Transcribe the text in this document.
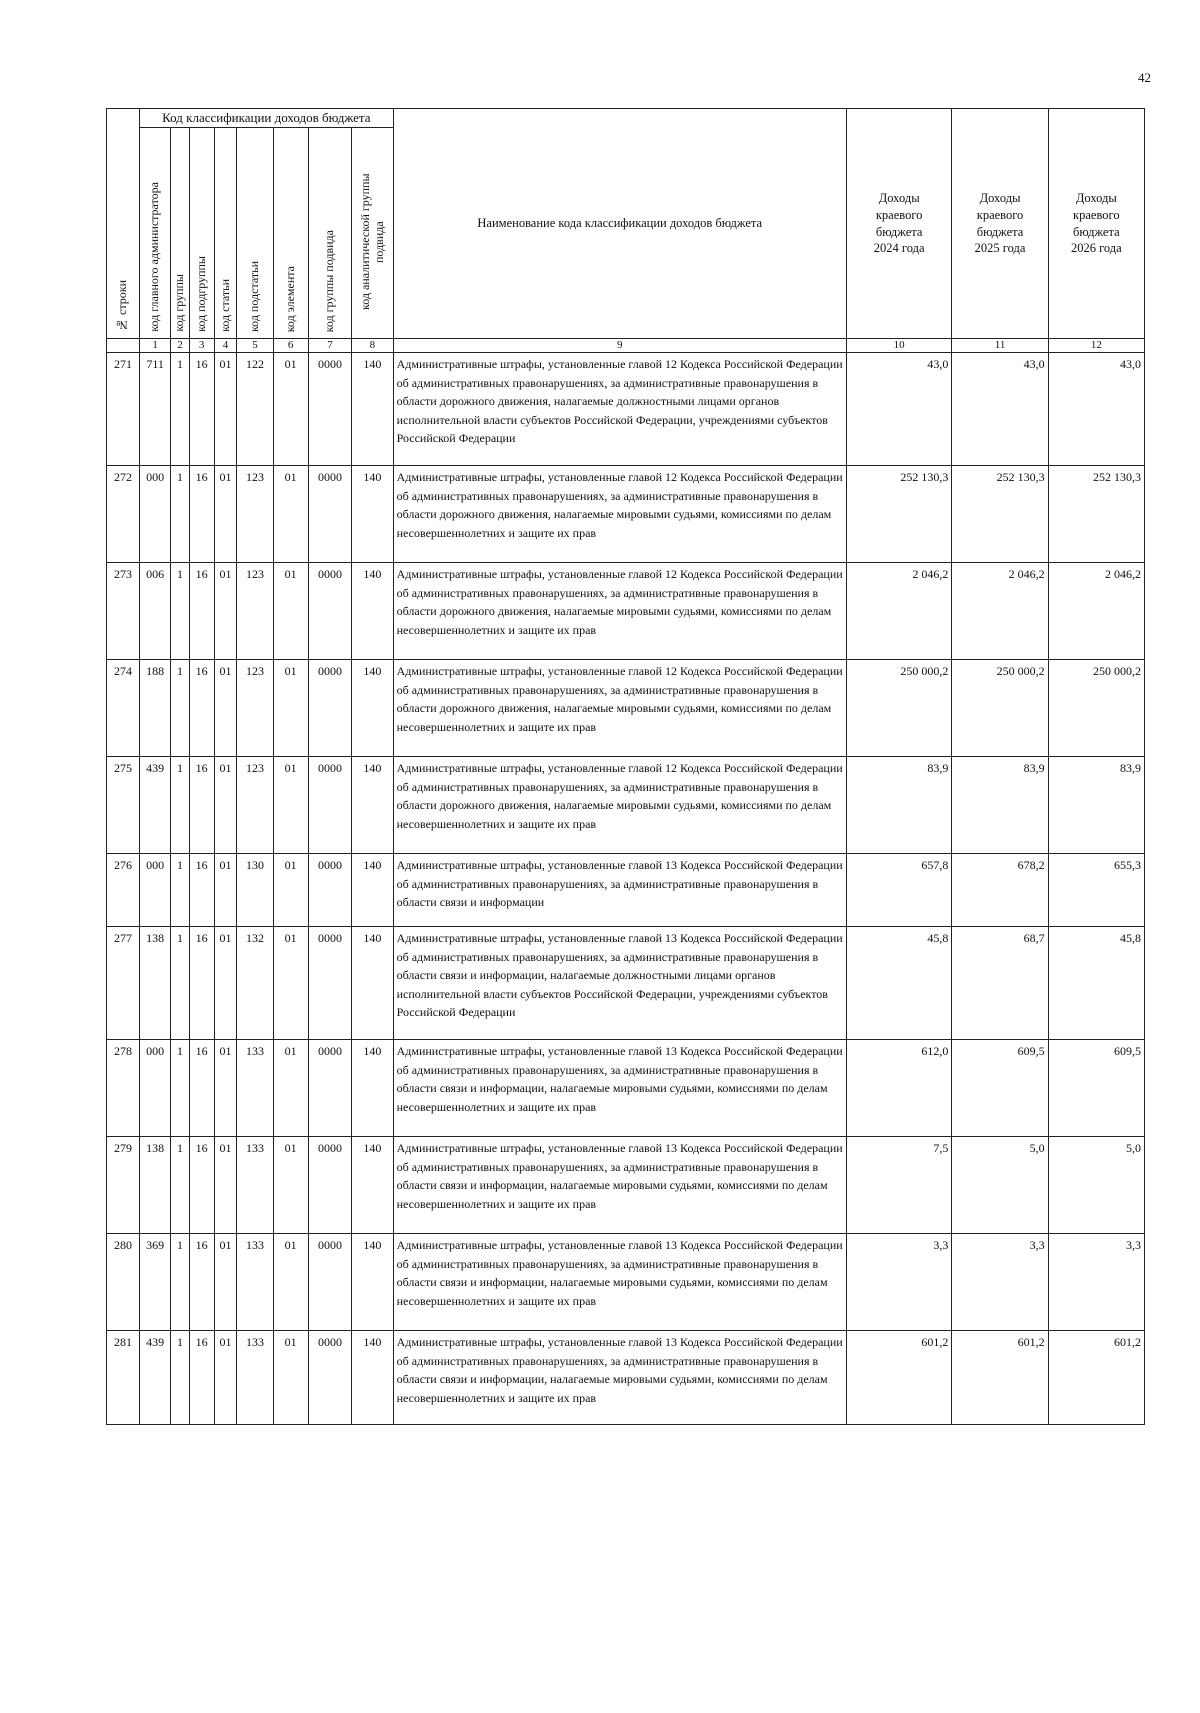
42
№ строки	Код классификации доходов бюджета								Наименование кода классификации доходов бюджета	Доходы
краевого
бюджета
2024 года	Доходы
краевого
бюджета
2025 года	Доходы
краевого
бюджета
2026 года

	код главного администратора	код группы	код подгруппы	код статьи	код подстатьи	код элемента	код группы подвида	код аналитической группы подвида				

	1	2	3	4	5	6	7	8	9	10	11	12
271	711	1	16	01	122	01	0000	140	Административные штрафы, установленные главой 12 Кодекса Российской Федерации об административных правонарушениях, за административные правонарушения в области дорожного движения, налагаемые должностными лицами органов исполнительной власти субъектов Российской Федерации, учреждениями субъектов Российской Федерации	43,0	43,0	43,0
272	000	1	16	01	123	01	0000	140	Административные штрафы, установленные главой 12 Кодекса Российской Федерации об административных правонарушениях, за административные правонарушения в области дорожного движения, налагаемые мировыми судьями, комиссиями по делам несовершеннолетних и защите их прав	252 130,3	252 130,3	252 130,3
273	006	1	16	01	123	01	0000	140	Административные штрафы, установленные главой 12 Кодекса Российской Федерации об административных правонарушениях, за административные правонарушения в области дорожного движения, налагаемые мировыми судьями, комиссиями по делам несовершеннолетних и защите их прав	2 046,2	2 046,2	2 046,2
274	188	1	16	01	123	01	0000	140	Административные штрафы, установленные главой 12 Кодекса Российской Федерации об административных правонарушениях, за административные правонарушения в области дорожного движения, налагаемые мировыми судьями, комиссиями по делам несовершеннолетних и защите их прав	250 000,2	250 000,2	250 000,2
275	439	1	16	01	123	01	0000	140	Административные штрафы, установленные главой 12 Кодекса Российской Федерации об административных правонарушениях, за административные правонарушения в области дорожного движения, налагаемые мировыми судьями, комиссиями по делам несовершеннолетних и защите их прав	83,9	83,9	83,9
276	000	1	16	01	130	01	0000	140	Административные штрафы, установленные главой 13 Кодекса Российской Федерации об административных правонарушениях, за административные правонарушения в области связи и информации	657,8	678,2	655,3
277	138	1	16	01	132	01	0000	140	Административные штрафы, установленные главой 13 Кодекса Российской Федерации об административных правонарушениях, за административные правонарушения в области связи и информации, налагаемые должностными лицами органов исполнительной власти субъектов Российской Федерации, учреждениями субъектов Российской Федерации	45,8	68,7	45,8
278	000	1	16	01	133	01	0000	140	Административные штрафы, установленные главой 13 Кодекса Российской Федерации об административных правонарушениях, за административные правонарушения в области связи и информации, налагаемые мировыми судьями, комиссиями по делам несовершеннолетних и защите их прав	612,0	609,5	609,5
279	138	1	16	01	133	01	0000	140	Административные штрафы, установленные главой 13 Кодекса Российской Федерации об административных правонарушениях, за административные правонарушения в области связи и информации, налагаемые мировыми судьями, комиссиями по делам несовершеннолетних и защите их прав	7,5	5,0	5,0
280	369	1	16	01	133	01	0000	140	Административные штрафы, установленные главой 13 Кодекса Российской Федерации об административных правонарушениях, за административные правонарушения в области связи и информации, налагаемые мировыми судьями, комиссиями по делам несовершеннолетних и защите их прав	3,3	3,3	3,3
281	439	1	16	01	133	01	0000	140	Административные штрафы, установленные главой 13 Кодекса Российской Федерации об административных правонарушениях, за административные правонарушения в области связи и информации, налагаемые мировыми судьями, комиссиями по делам несовершеннолетних и защите их прав	601,2	601,2	601,2
